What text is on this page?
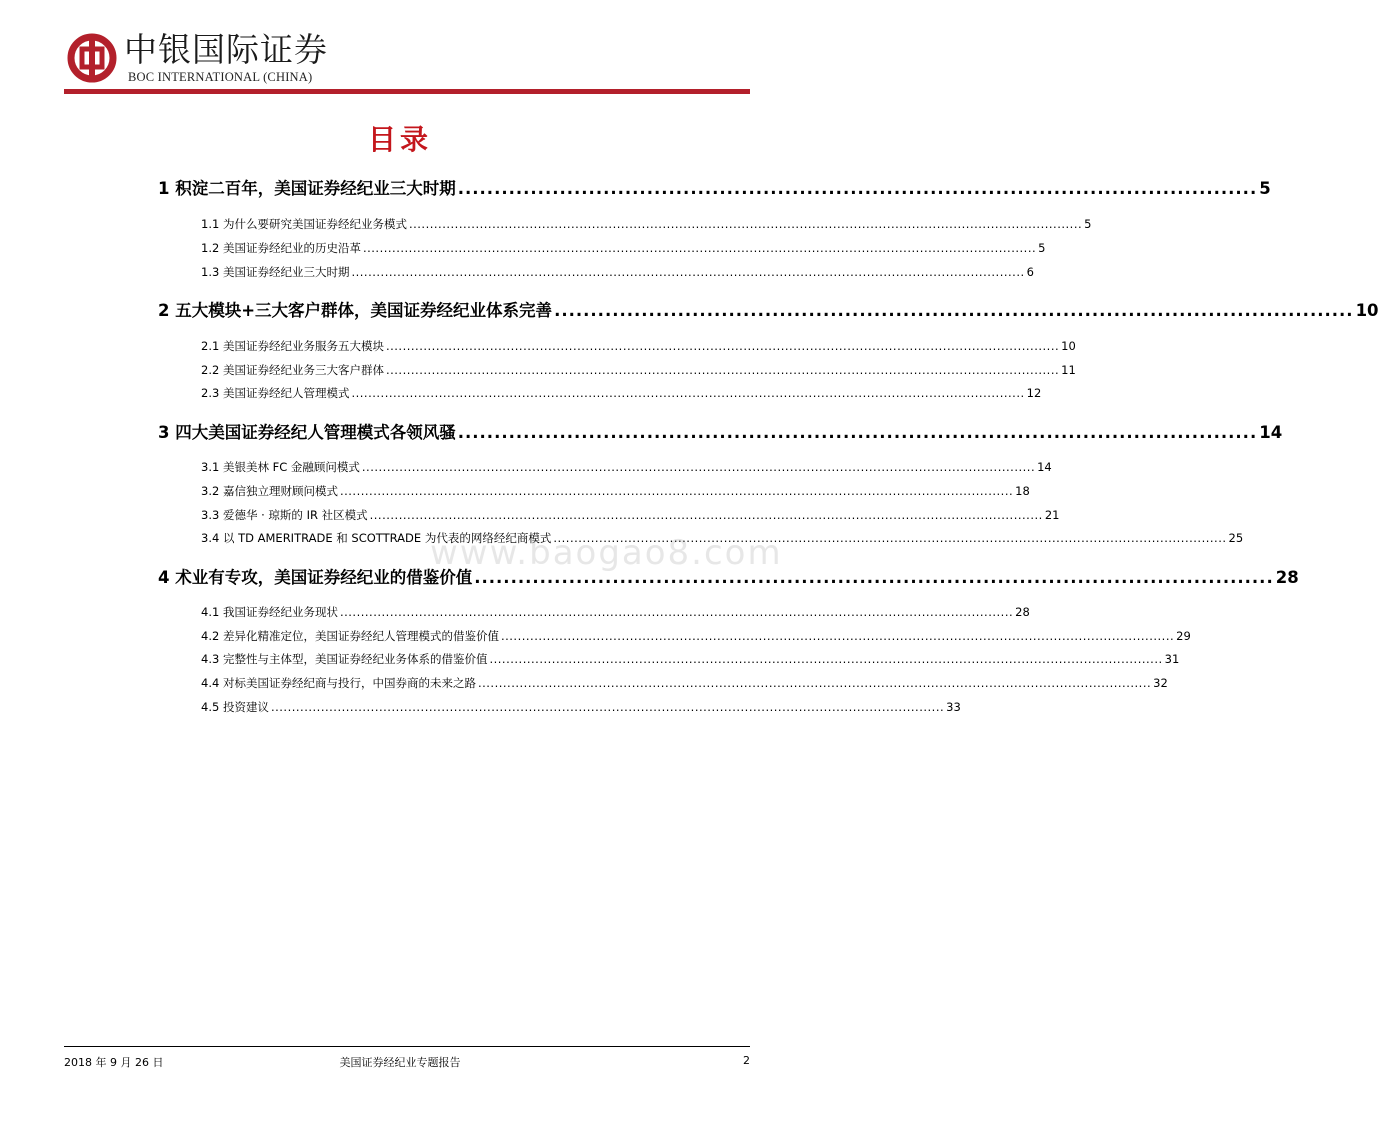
中银国际证券
BOC INTERNATIONAL (CHINA)
目录
1 积淀二百年，美国证券经纪业三大时期 .............................................................................................................. 5
1.1 为什么要研究美国证券经纪业务模式 .................................................................................................................................................................. 5
1.2 美国证券经纪业的历史沿革 .................................................................................................................................................................. 5
1.3 美国证券经纪业三大时期 .................................................................................................................................................................. 6
2 五大模块+三大客户群体，美国证券经纪业体系完善 .............................................................................................................. 10
2.1 美国证券经纪业务服务五大模块 .................................................................................................................................................................. 10
2.2 美国证券经纪业务三大客户群体 .................................................................................................................................................................. 11
2.3 美国证券经纪人管理模式 .................................................................................................................................................................. 12
3 四大美国证券经纪人管理模式各领风骚 .............................................................................................................. 14
3.1 美银美林 FC 金融顾问模式 .................................................................................................................................................................. 14
3.2 嘉信独立理财顾问模式 .................................................................................................................................................................. 18
3.3 爱德华 · 琼斯的 IR 社区模式 .................................................................................................................................................................. 21
3.4 以 TD AMERITRADE 和 SCOTTRADE 为代表的网络经纪商模式 .................................................................................................................................................................. 25
4 术业有专攻，美国证券经纪业的借鉴价值 .............................................................................................................. 28
4.1 我国证券经纪业务现状 .................................................................................................................................................................. 28
4.2 差异化精准定位，美国证券经纪人管理模式的借鉴价值 .................................................................................................................................................................. 29
4.3 完整性与主体型，美国证券经纪业务体系的借鉴价值 .................................................................................................................................................................. 31
4.4 对标美国证券经纪商与投行，中国券商的未来之路 .................................................................................................................................................................. 32
4.5 投资建议 .................................................................................................................................................................. 33
www.baogao8.com
2018 年 9 月 26 日	美国证券经纪业专题报告	2
